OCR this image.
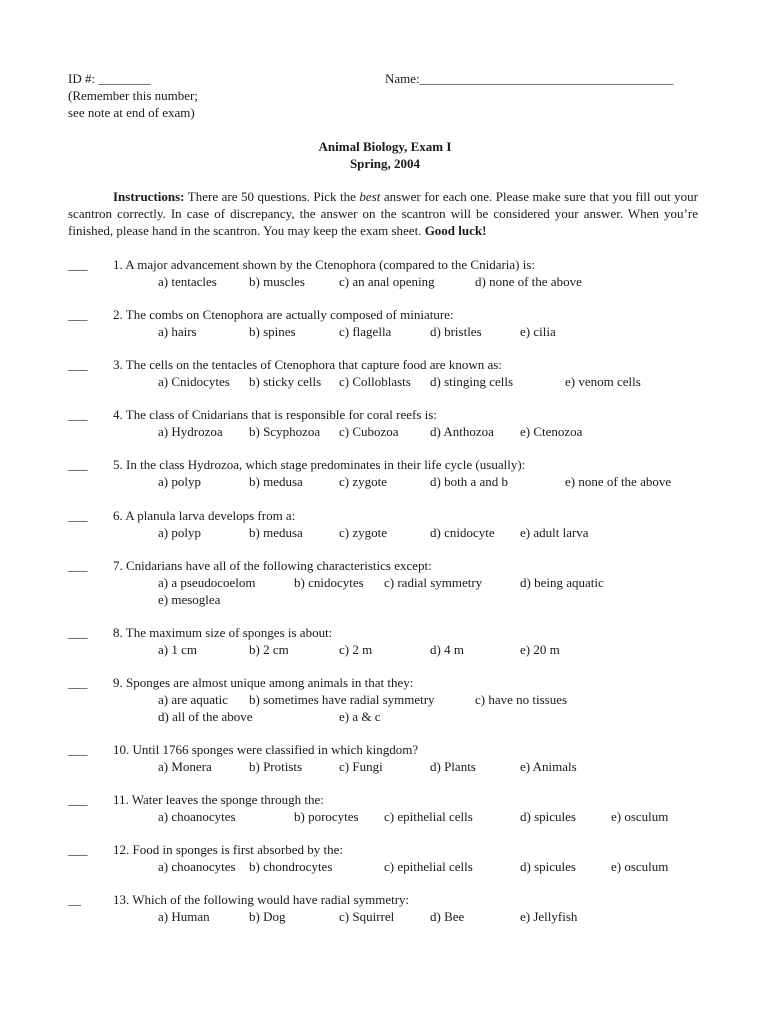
ID #: ________
(Remember this number;
see note at end of exam)
Name:_______________________________________
Animal Biology, Exam I
Spring, 2004
Instructions: There are 50 questions. Pick the best answer for each one. Please make sure that you fill out your scantron correctly. In case of discrepancy, the answer on the scantron will be considered your answer. When you’re finished, please hand in the scantron. You may keep the exam sheet. Good luck!
___ 1. A major advancement shown by the Ctenophora (compared to the Cnidaria) is:
a) tentacles b) muscles	c) an anal opening	d) none of the above
___ 2. The combs on Ctenophora are actually composed of miniature:
a) hairs	b) spines	c) flagella	d) bristles	e) cilia
___ 3. The cells on the tentacles of Ctenophora that capture food are known as:
a) Cnidocytes b) sticky cells c) Colloblasts d) stinging cells	e) venom cells
___ 4. The class of Cnidarians that is responsible for coral reefs is:
a) Hydrozoa b) Scyphozoa c) Cubozoa d) Anthozoa e) Ctenozoa
___ 5. In the class Hydrozoa, which stage predominates in their life cycle (usually):
a) polyp	b) medusa	c) zygote	d) both a and b	e) none of the above
___ 6. A planula larva develops from a:
a) polyp	b) medusa	c) zygote	d) cnidocyte e) adult larva
___ 7. Cnidarians have all of the following characteristics except:
a) a pseudocoelom	b) cnidocytes c) radial symmetry	d) being aquatic
e) mesoglea
___ 8. The maximum size of sponges is about:
a) 1 cm	b) 2 cm	c) 2 m	d) 4 m	e) 20 m
___ 9. Sponges are almost unique among animals in that they:
a) are aquatic b) sometimes have radial symmetry	c) have no tissues
d) all of the above	e) a & c
___ 10. Until 1766 sponges were classified in which kingdom?
a) Monera	b) Protists	c) Fungi	d) Plants	e) Animals
___ 11. Water leaves the sponge through the:
a) choanocytes	b) porocytes c) epithelial cells	d) spicules	e) osculum
___ 12. Food in sponges is first absorbed by the:
a) choanocytes b) chondrocytes	c) epithelial cells	d) spicules	e) osculum
__ 13. Which of the following would have radial symmetry:
a) Human	b) Dog	c) Squirrel	d) Bee	e) Jellyfish
